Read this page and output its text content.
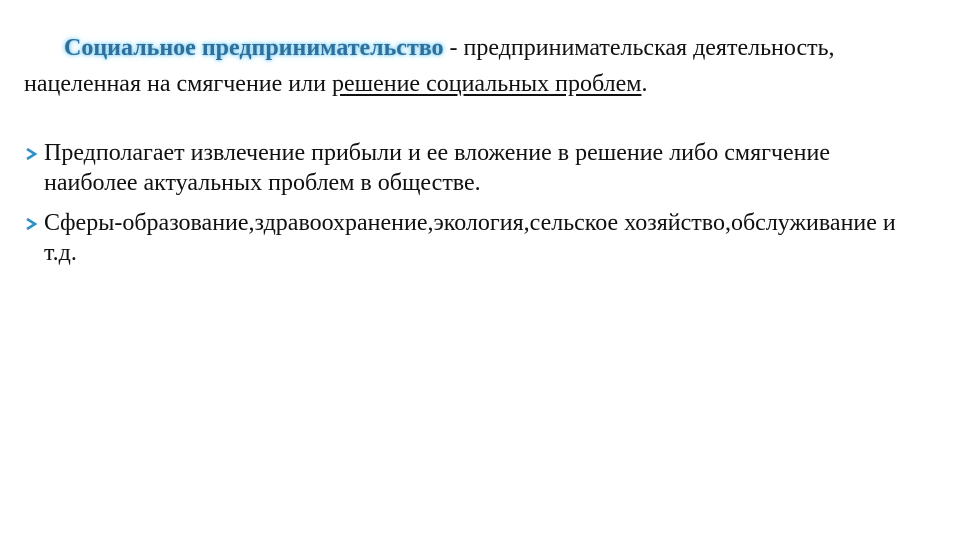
Социальное предпринимательство - предпринимательская деятельность, нацеленная на смягчение или решение социальных проблем.

Предполагает извлечение прибыли и ее вложение в решение либо смягчение наиболее актуальных проблем в обществе.
Сферы-образование,здравоохранение,экология,сельское хозяйство,обслуживание и т.д.
